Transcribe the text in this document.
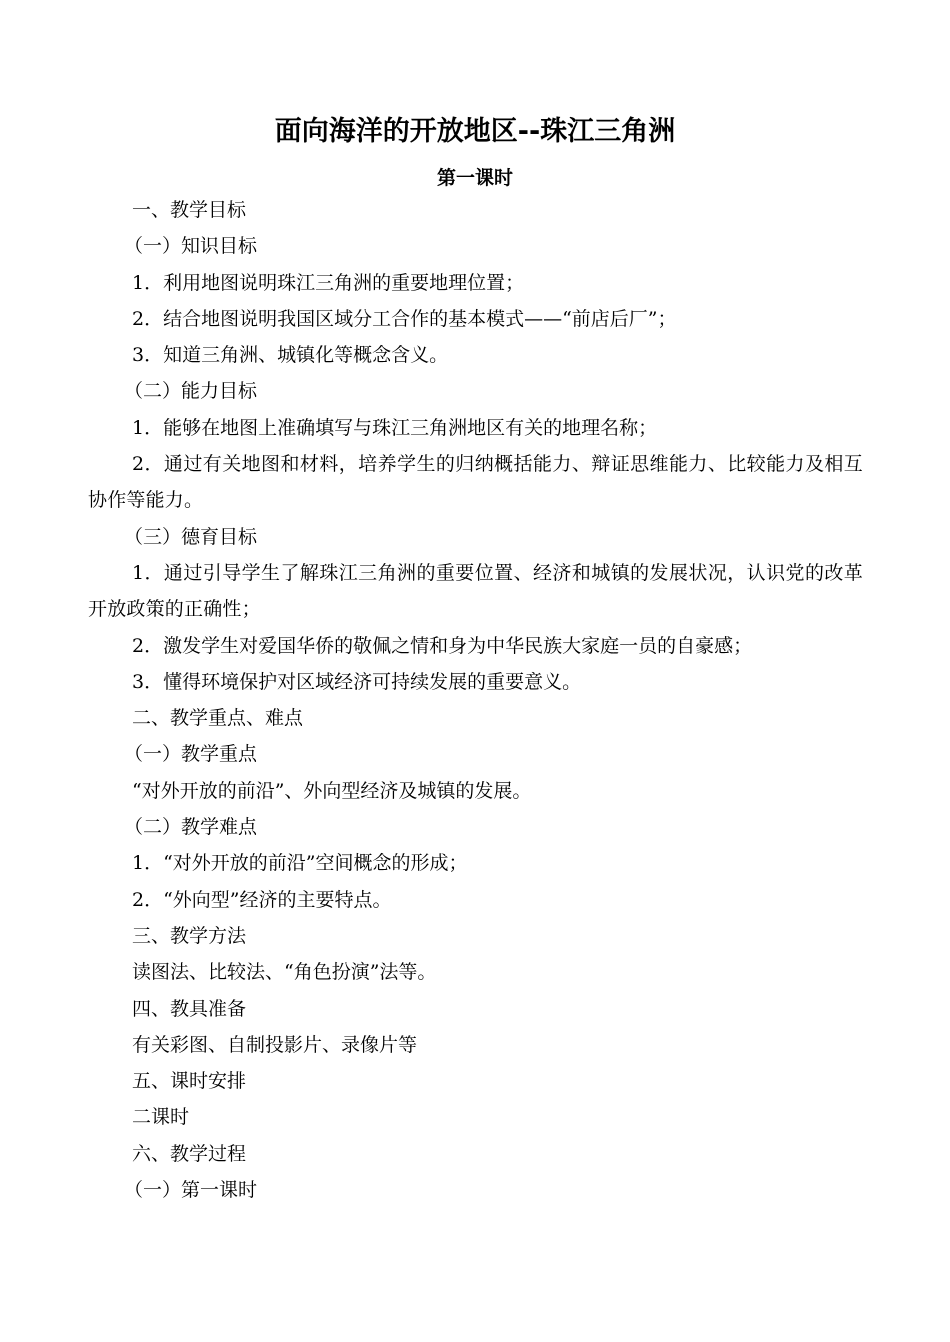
面向海洋的开放地区--珠江三角洲
第一课时

一、教学目标

（一）知识目标

1．利用地图说明珠江三角洲的重要地理位置；

2．结合地图说明我国区域分工合作的基本模式——“前店后厂”；

3．知道三角洲、城镇化等概念含义。

（二）能力目标

1．能够在地图上准确填写与珠江三角洲地区有关的地理名称；

2．通过有关地图和材料，培养学生的归纳概括能力、辩证思维能力、比较能力及相互协作等能力。

（三）德育目标

1．通过引导学生了解珠江三角洲的重要位置、经济和城镇的发展状况，认识党的改革开放政策的正确性；

2．激发学生对爱国华侨的敬佩之情和身为中华民族大家庭一员的自豪感；

3．懂得环境保护对区域经济可持续发展的重要意义。

二、教学重点、难点

（一）教学重点

“对外开放的前沿”、外向型经济及城镇的发展。

（二）教学难点

1．“对外开放的前沿”空间概念的形成；

2．“外向型”经济的主要特点。

三、教学方法

读图法、比较法、“角色扮演”法等。

四、教具准备

有关彩图、自制投影片、录像片等

五、课时安排

二课时

六、教学过程

（一）第一课时
